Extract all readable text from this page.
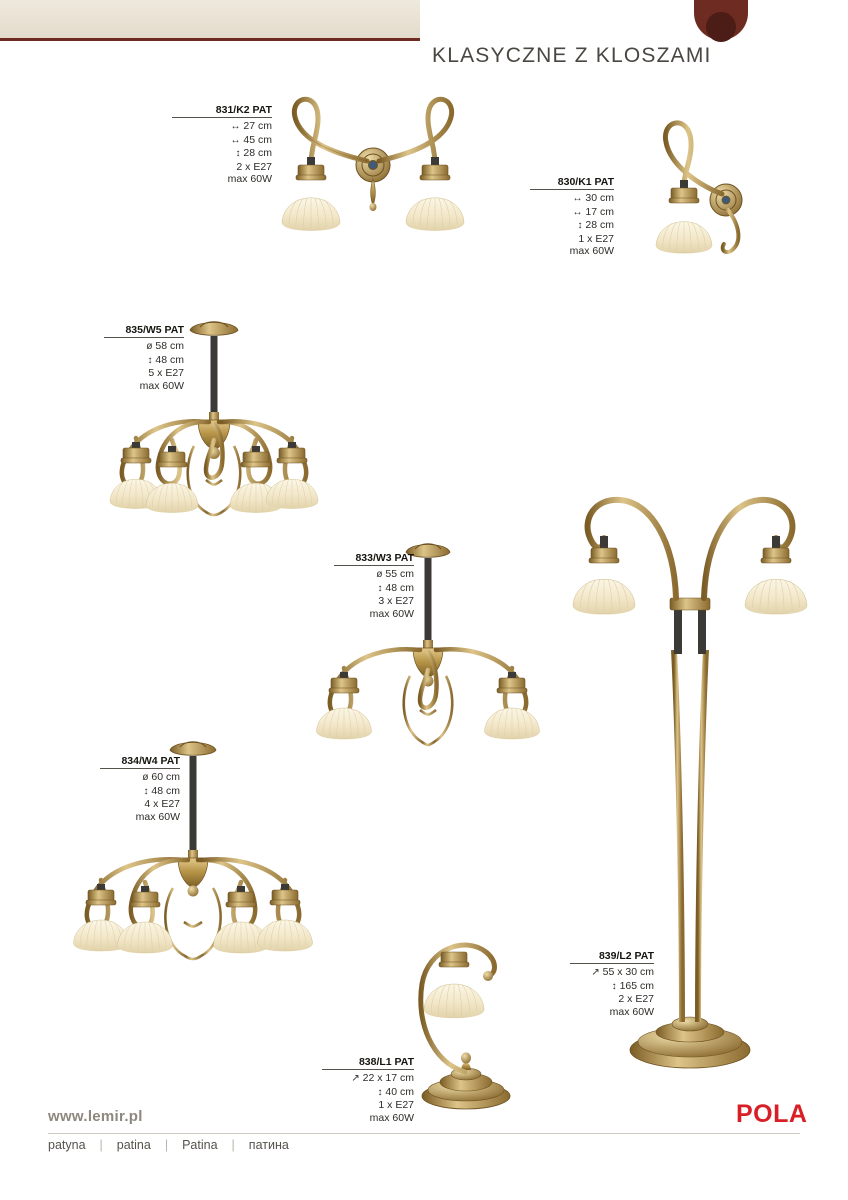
KLASYCZNE Z KLOSZAMI
831/K2 PAT
↔ 27 cm
↔ 45 cm
↕ 28 cm
2 x E27
max 60W	830/K1 PAT
↔ 30 cm
↔ 17 cm
↕ 28 cm
1 x E27
max 60W
835/W5 PAT
ø 58 cm
↕ 48 cm
5 x E27
max 60W
833/W3 PAT
ø 55 cm
↕ 48 cm
3 x E27
max 60W
834/W4 PAT
ø 60 cm
↕ 48 cm
4 x E27
max 60W
838/L1 PAT
↗ 22 x 17 cm
↕ 40 cm
1 x E27
max 60W
839/L2 PAT
↗ 55 x 30 cm
↕ 165 cm
2 x E27
max 60W
www.lemir.pl
patyna | patina | Patina | патина
POLA
